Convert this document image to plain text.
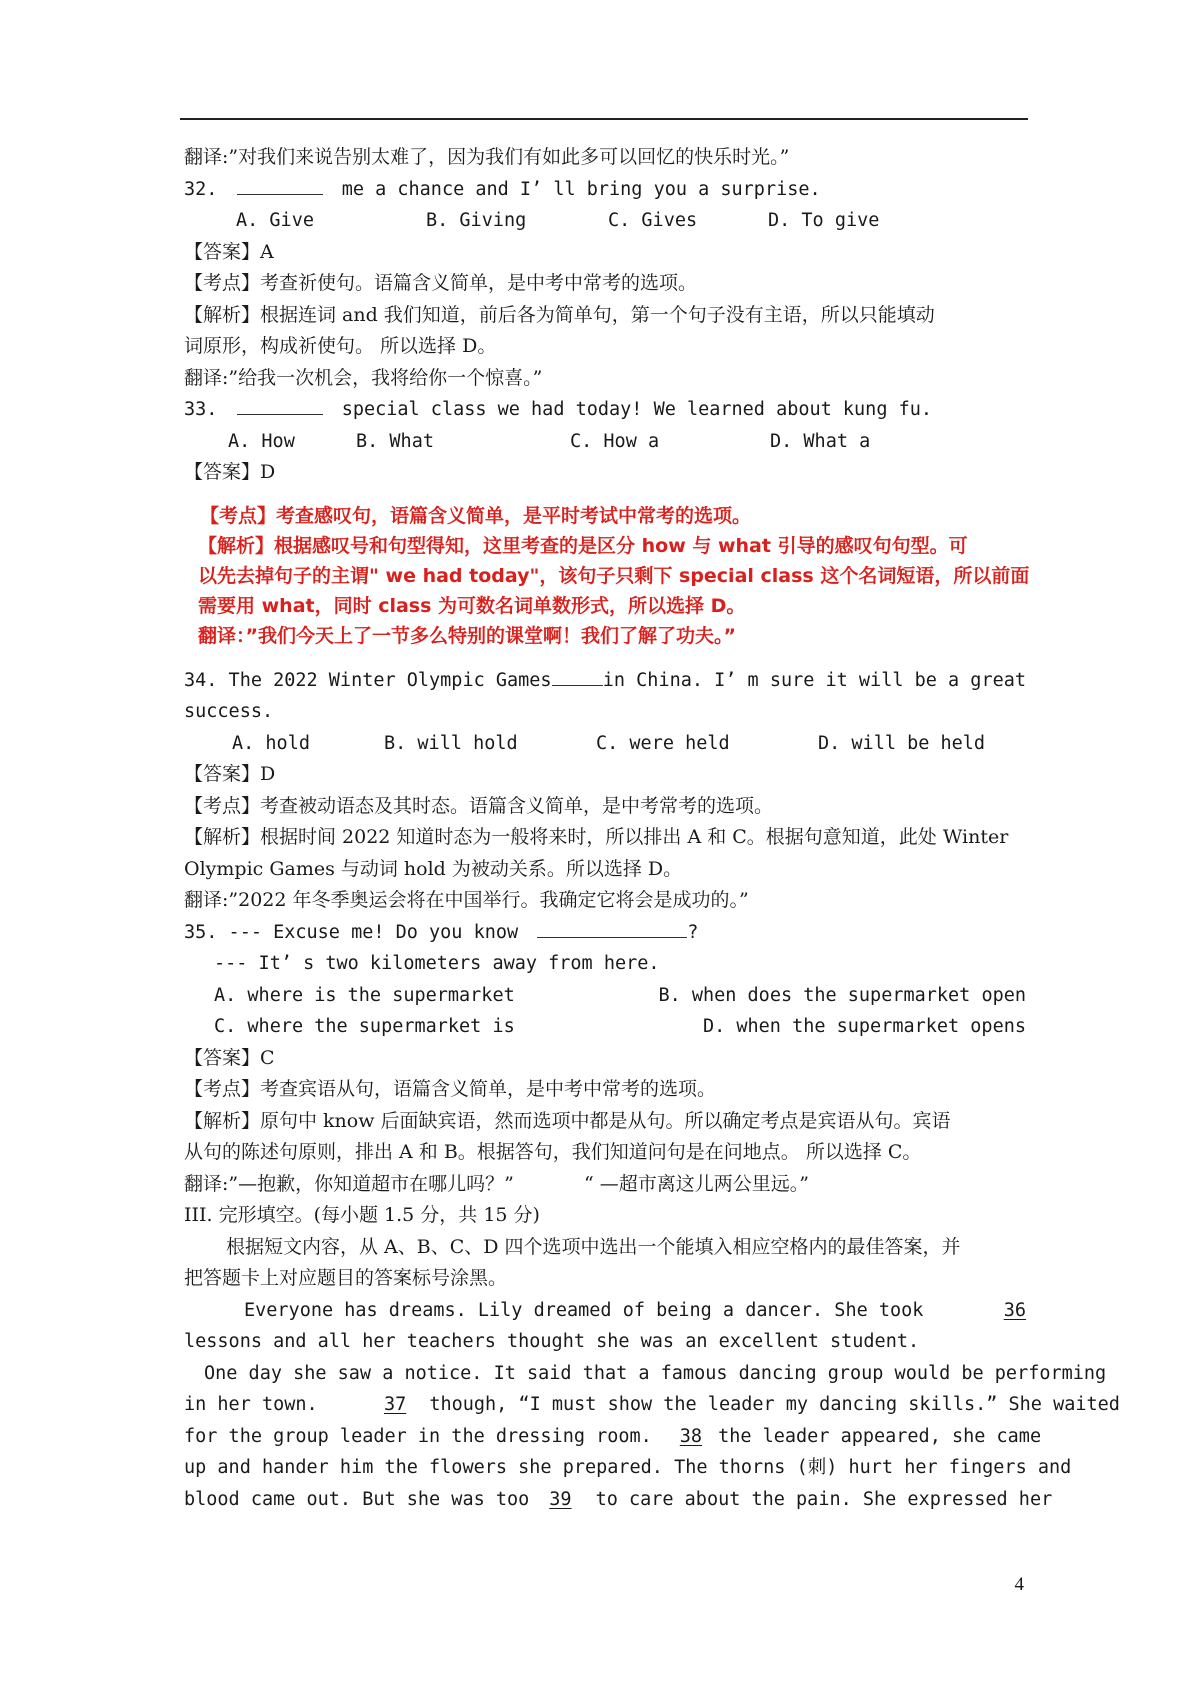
翻译:”对我们来说告别太难了，因为我们有如此多可以回忆的快乐时光。”
32.	me a chance and I’ ll bring you a surprise.
A. Give	B. Giving	C. Gives	D. To give
【答案】A
【考点】考查祈使句。语篇含义简单，是中考中常考的选项。
【解析】根据连词 and 我们知道，前后各为简单句，第一个句子没有主语，所以只能填动
词原形，构成祈使句。 所以选择 D。
翻译:”给我一次机会，我将给你一个惊喜。”
33.	special class we had today! We learned about kung fu.
A. How	B. What	C. How a	D. What a
【答案】D
【考点】考查感叹句，语篇含义简单，是平时考试中常考的选项。
【解析】根据感叹号和句型得知，这里考查的是区分 how 与 what 引导的感叹句句型。可
以先去掉句子的主谓" we had today"，该句子只剩下 special class 这个名词短语，所以前面
需要用 what，同时 class 为可数名词单数形式，所以选择 D。
翻译：”我们今天上了一节多么特别的课堂啊！我们了解了功夫。”
34. The 2022 Winter Olympic Games	in China. I’ m sure it will be a great
success.
A. hold	B. will hold	C. were held	D. will be held
【答案】D
【考点】考查被动语态及其时态。语篇含义简单，是中考常考的选项。
【解析】根据时间 2022 知道时态为一般将来时，所以排出 A 和 C。根据句意知道，此处 Winter
Olympic Games 与动词 hold 为被动关系。所以选择 D。
翻译:”2022 年冬季奥运会将在中国举行。我确定它将会是成功的。”
35. --- Excuse me! Do you know	?
--- It’ s two kilometers away from here.
A. where is the supermarket	B. when does the supermarket open
C. where the supermarket is	D. when the supermarket opens
【答案】C
【考点】考查宾语从句，语篇含义简单，是中考中常考的选项。
【解析】原句中 know 后面缺宾语，然而选项中都是从句。所以确定考点是宾语从句。宾语
从句的陈述句原则，排出 A 和 B。根据答句，我们知道问句是在问地点。 所以选择 C。
翻译:”—抱歉，你知道超市在哪儿吗？”	“ —超市离这儿两公里远。”
III. 完形填空。(每小题 1.5 分，共 15 分)
根据短文内容，从 A、B、C、D 四个选项中选出一个能填入相应空格内的最佳答案，并
把答题卡上对应题目的答案标号涂黑。
Everyone has dreams. Lily dreamed of being a dancer. She took	36
lessons and all her teachers thought she was an excellent student.
One day she saw a notice. It said that a famous dancing group would be performing
in her town.	37 though, “I must show the leader my dancing skills.” She waited
for the group leader in the dressing room.	38 the leader appeared, she came
up and hander him the flowers she prepared. The thorns (刺) hurt her fingers and
blood came out. But she was too	39	to care about the pain. She expressed her
4
